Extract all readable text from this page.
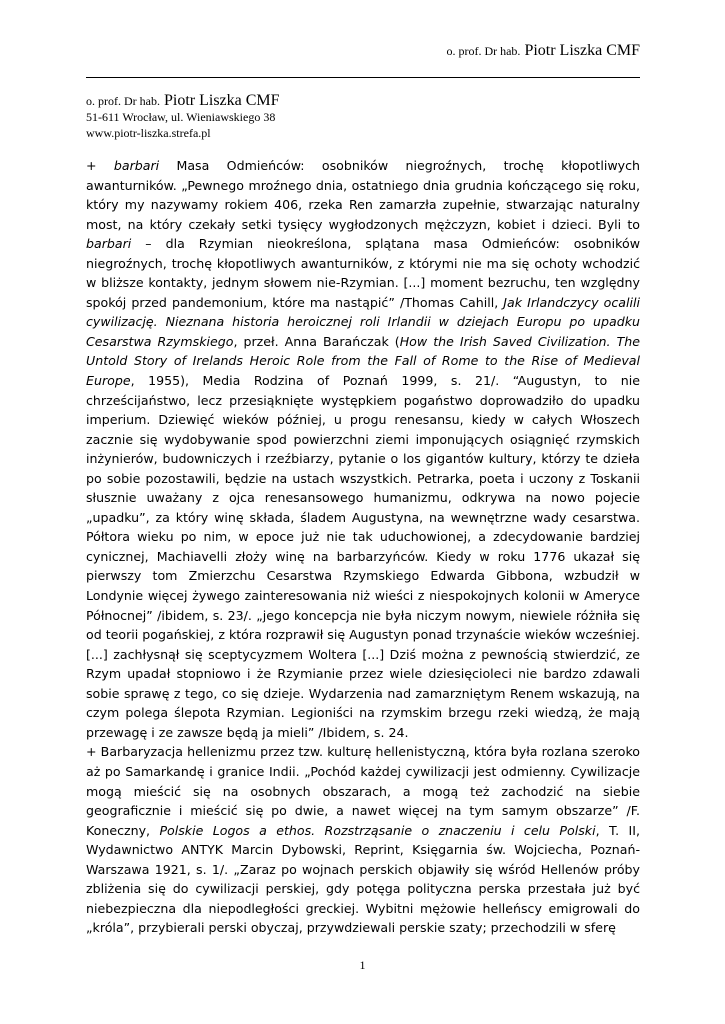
o. prof. Dr hab. Piotr Liszka CMF
o. prof. Dr hab. Piotr Liszka CMF
51-611 Wrocław, ul. Wieniawskiego 38
www.piotr-liszka.strefa.pl

+ barbari Masa Odmieńców: osobników niegroźnych, trochę kłopotliwych awanturników. „Pewnego mroźnego dnia, ostatniego dnia grudnia kończącego się roku, który my nazywamy rokiem 406, rzeka Ren zamarzła zupełnie, stwarzając naturalny most, na który czekały setki tysięcy wygłodzonych mężczyzn, kobiet i dzieci. Byli to barbari – dla Rzymian nieokreślona, splątana masa Odmieńców: osobników niegroźnych, trochę kłopotliwych awanturników, z którymi nie ma się ochoty wchodzić w bliższe kontakty, jednym słowem nie-Rzymian. [...] moment bezruchu, ten względny spokój przed pandemonium, które ma nastąpić” /Thomas Cahill, Jak Irlandczycy ocalili cywilizację. Nieznana historia heroicznej roli Irlandii w dziejach Europu po upadku Cesarstwa Rzymskiego, przeł. Anna Barańczak (How the Irish Saved Civilization. The Untold Story of Irelands Heroic Role from the Fall of Rome to the Rise of Medieval Europe, 1955), Media Rodzina of Poznań 1999, s. 21/. “Augustyn, to nie chrześcijaństwo, lecz przesiąknięte występkiem pogaństwo doprowadziło do upadku imperium. Dziewięć wieków później, u progu renesansu, kiedy w całych Włoszech zacznie się wydobywanie spod powierzchni ziemi imponujących osiągnięć rzymskich inżynierów, budowniczych i rzeźbiarzy, pytanie o los gigantów kultury, którzy te dzieła po sobie pozostawili, będzie na ustach wszystkich. Petrarka, poeta i uczony z Toskanii słusznie uważany z ojca renesansowego humanizmu, odkrywa na nowo pojecie „upadku”, za który winę składa, śladem Augustyna, na wewnętrzne wady cesarstwa. Półtora wieku po nim, w epoce już nie tak uduchowionej, a zdecydowanie bardziej cynicznej, Machiavelli złoży winę na barbarzyńców. Kiedy w roku 1776 ukazał się pierwszy tom Zmierzchu Cesarstwa Rzymskiego Edwarda Gibbona, wzbudził w Londynie więcej żywego zainteresowania niż wieści z niespokojnych kolonii w Ameryce Północnej” /ibidem, s. 23/. „jego koncepcja nie była niczym nowym, niewiele różniła się od teorii pogańskiej, z która rozprawił się Augustyn ponad trzynaście wieków wcześniej. [...] zachłysnął się sceptycyzmem Woltera [...] Dziś można z pewnością stwierdzić, ze Rzym upadał stopniowo i że Rzymianie przez wiele dziesięcioleci nie bardzo zdawali sobie sprawę z tego, co się dzieje. Wydarzenia nad zamarzniętym Renem wskazują, na czym polega ślepota Rzymian. Legioniści na rzymskim brzegu rzeki wiedzą, że mają przewagę i ze zawsze będą ja mieli” /Ibidem, s. 24.

+ Barbaryzacja hellenizmu przez tzw. kulturę hellenistyczną, która była rozlana szeroko aż po Samarkandę i granice Indii. „Pochód każdej cywilizacji jest odmienny. Cywilizacje mogą mieścić się na osobnych obszarach, a mogą też zachodzić na siebie geograficznie i mieścić się po dwie, a nawet więcej na tym samym obszarze” /F. Koneczny, Polskie Logos a ethos. Rozstrząsanie o znaczeniu i celu Polski, T. II, Wydawnictwo ANTYK Marcin Dybowski, Reprint, Księgarnia św. Wojciecha, Poznań-Warszawa 1921, s. 1/. „Zaraz po wojnach perskich objawiły się wśród Hellenów próby zbliżenia się do cywilizacji perskiej, gdy potęga polityczna perska przestała już być niebezpieczna dla niepodległości greckiej. Wybitni mężowie helleńscy emigrowali do „króla”, przybierali perski obyczaj, przywdziewali perskie szaty; przechodzili w sferę

1
